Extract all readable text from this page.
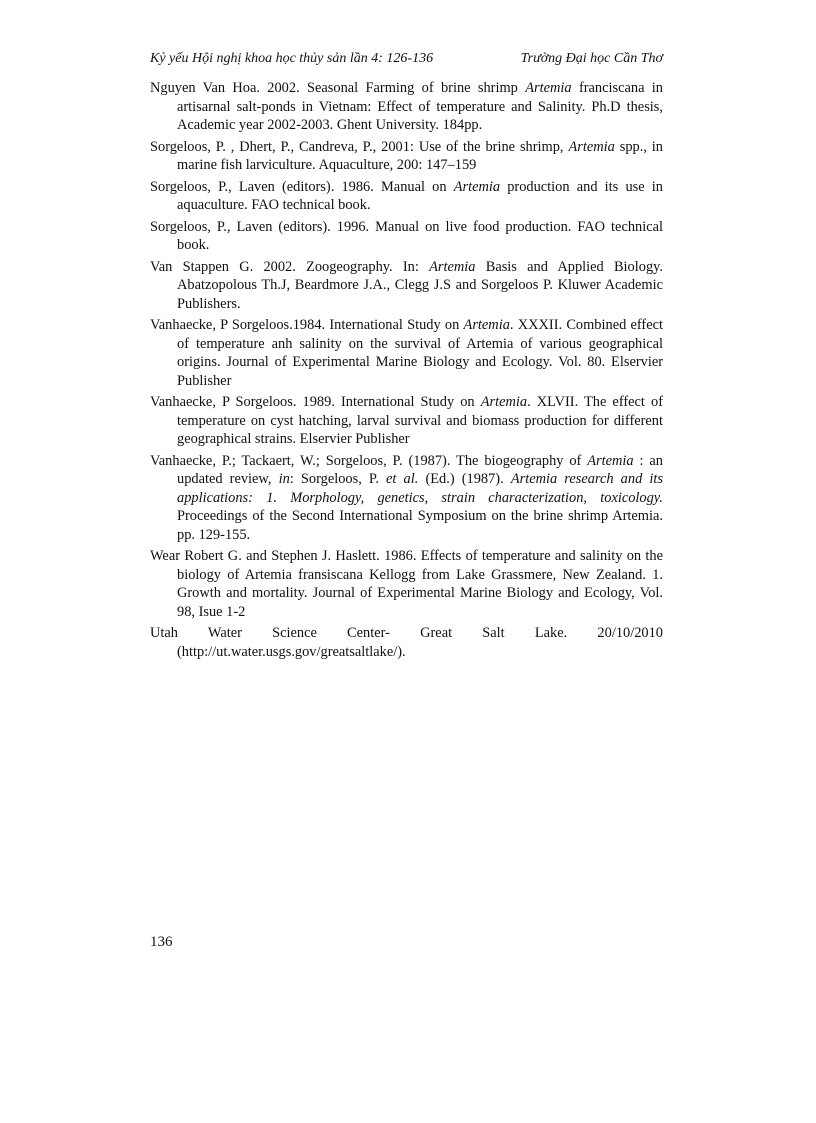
Kỷ yếu Hội nghị khoa học thủy sản lần 4: 126-136	Trường Đại học Cần Thơ

Nguyen Van Hoa. 2002. Seasonal Farming of brine shrimp Artemia franciscana in artisarnal salt-ponds in Vietnam: Effect of temperature and Salinity. Ph.D thesis, Academic year 2002-2003. Ghent University. 184pp.

Sorgeloos, P. , Dhert, P., Candreva, P., 2001: Use of the brine shrimp, Artemia spp., in marine fish larviculture. Aquaculture, 200: 147–159

Sorgeloos, P., Laven (editors). 1986. Manual on Artemia production and its use in aquaculture. FAO technical book.

Sorgeloos, P., Laven (editors). 1996. Manual on live food production. FAO technical book.

Van Stappen G. 2002. Zoogeography. In: Artemia Basis and Applied Biology. Abatzopolous Th.J, Beardmore J.A., Clegg J.S and Sorgeloos P. Kluwer Academic Publishers.

Vanhaecke, P Sorgeloos.1984. International Study on Artemia. XXXII. Combined effect of temperature anh salinity on the survival of Artemia of various geographical origins. Journal of Experimental Marine Biology and Ecology. Vol. 80. Elservier Publisher

Vanhaecke, P Sorgeloos. 1989. International Study on Artemia. XLVII. The effect of temperature on cyst hatching, larval survival and biomass production for different geographical strains. Elservier Publisher

Vanhaecke, P.; Tackaert, W.; Sorgeloos, P. (1987). The biogeography of Artemia : an updated review, in: Sorgeloos, P. et al. (Ed.) (1987). Artemia research and its applications: 1. Morphology, genetics, strain characterization, toxicology. Proceedings of the Second International Symposium on the brine shrimp Artemia. pp. 129-155.

Wear Robert G. and Stephen J. Haslett. 1986. Effects of temperature and salinity on the biology of Artemia fransiscana Kellogg from Lake Grassmere, New Zealand. 1. Growth and mortality. Journal of Experimental Marine Biology and Ecology, Vol. 98, Isue 1-2

Utah Water Science Center- Great Salt Lake. 20/10/2010 (http://ut.water.usgs.gov/greatsaltlake/).

136
